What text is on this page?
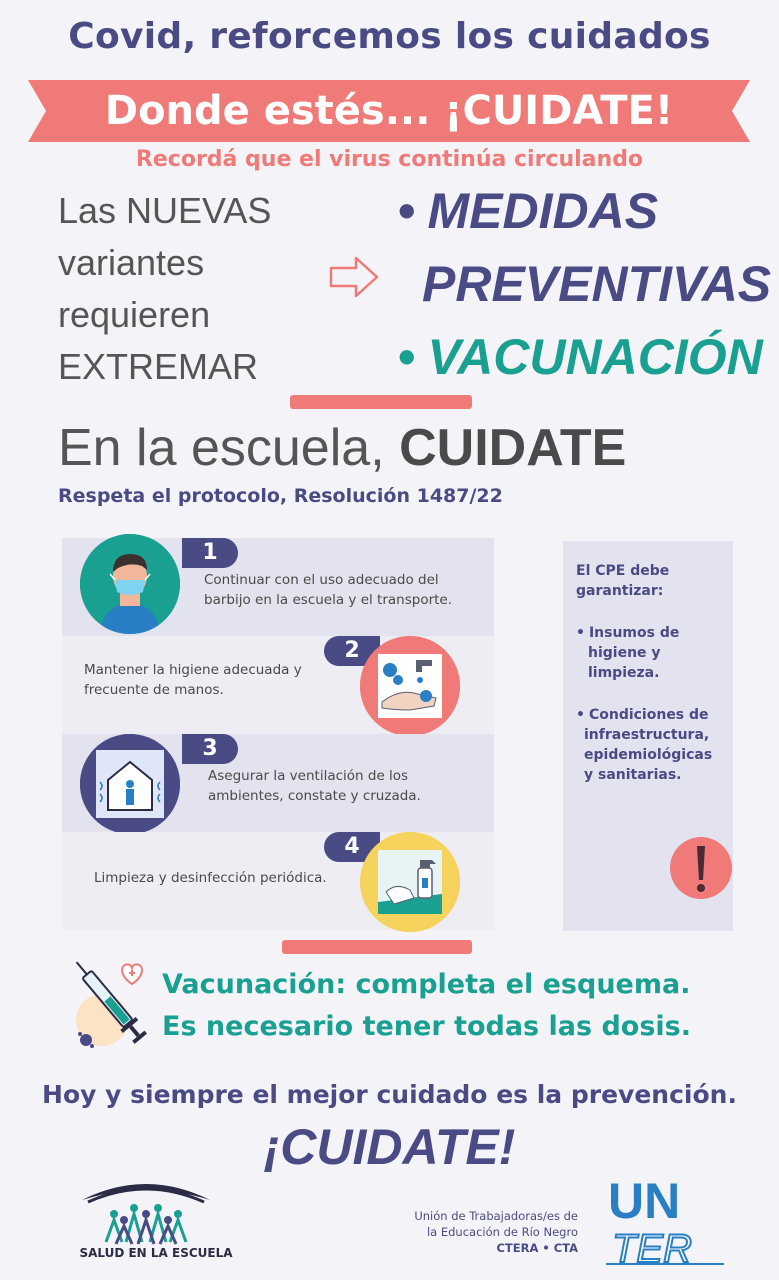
Covid, reforcemos los cuidados
Donde estés... ¡CUIDATE!
Recordá que el virus continúa circulando
Las NUEVAS
variantes
requieren
EXTREMAR
• MEDIDAS
PREVENTIVAS
• VACUNACIÓN
En la escuela, CUIDATE
Respeta el protocolo, Resolución 1487/22
1
Continuar con el uso adecuado del
barbijo en la escuela y el transporte.
2
Mantener la higiene adecuada y
frecuente de manos.
3
Asegurar la ventilación de los
ambientes, constate y cruzada.
4
Limpieza y desinfección periódica.
El CPE debe
garantizar:
• Insumos de
higiene y
limpieza.
• Condiciones de
infraestructura,
epidemiológicas
y sanitarias.
Vacunación: completa el esquema.
Es necesario tener todas las dosis.
Hoy y siempre el mejor cuidado es la prevención.
¡CUIDATE!
SALUD EN LA ESCUELA
Unión de Trabajadoras/es de
la Educación de Río Negro
CTERA • CTA
UN
TER
